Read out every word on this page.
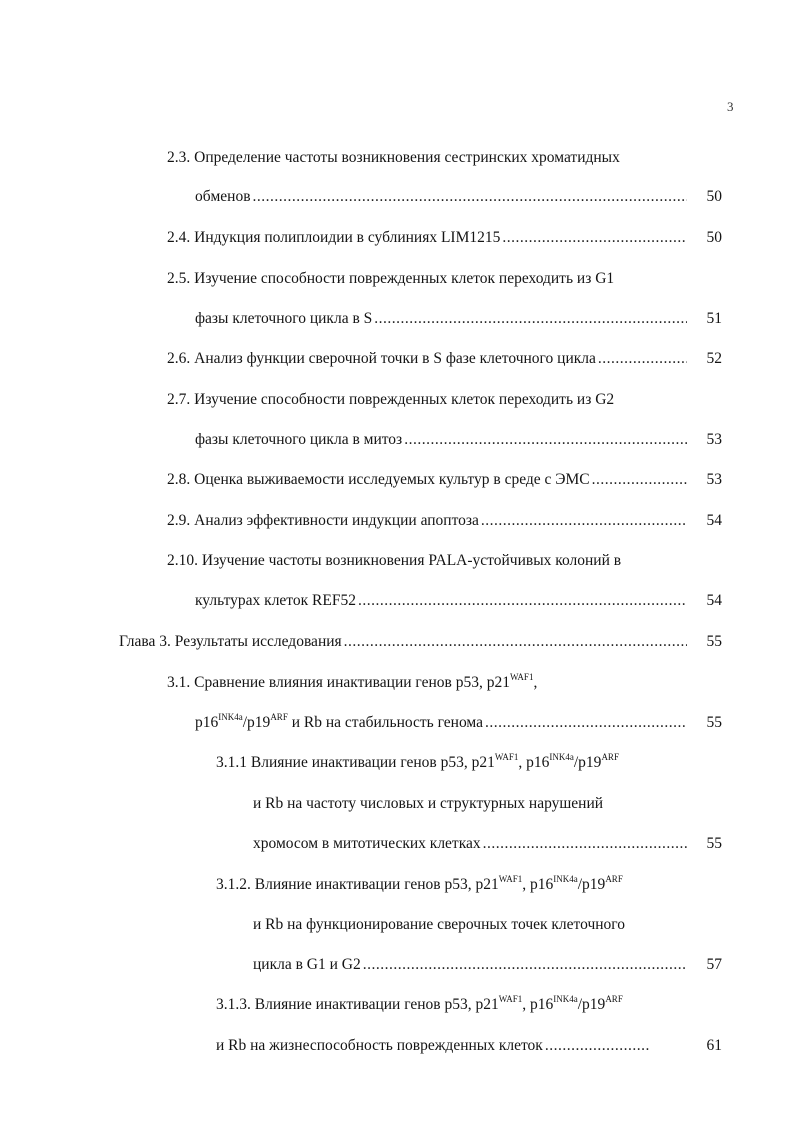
3
2.3. Определение частоты возникновения сестринских хроматидных
обменов .....	50
2.4. Индукция полиплоидии в сублиниях LIM1215 .....	50
2.5. Изучение способности поврежденных клеток переходить из G1
фазы клеточного цикла в S .....	51
2.6. Анализ функции сверочной точки в S фазе клеточного цикла .....	52
2.7. Изучение способности поврежденных клеток переходить из G2
фазы клеточного цикла в митоз .....	53
2.8. Оценка выживаемости исследуемых культур в среде с ЭМС .....	53
2.9. Анализ эффективности индукции апоптоза .....	54
2.10. Изучение частоты возникновения PALA-устойчивых колоний в
культурах клеток REF52 .....	54
Глава 3. Результаты исследования .....	55
3.1. Сравнение влияния инактивации генов p53, $p21^{WAF1}$,
$p16^{INK4a}/p19^{ARF}$ и Rb на стабильность генома .....	55
3.1.1 Влияние инактивации генов p53, $p21^{WAF1}$, $p16^{INK4a}/p19^{ARF}$
и Rb на частоту числовых и структурных нарушений
хромосом в митотических клетках .....	55
3.1.2. Влияние инактивации генов p53, $p21^{WAF1}$, $p16^{INK4a}/p19^{ARF}$
и Rb на функционирование сверочных точек клеточного
цикла в G1 и G2 .....	57
3.1.3. Влияние инактивации генов p53, $p21^{WAF1}$, $p16^{INK4a}/p19^{ARF}$
и Rb на жизнеспособность поврежденных клеток .....	61
